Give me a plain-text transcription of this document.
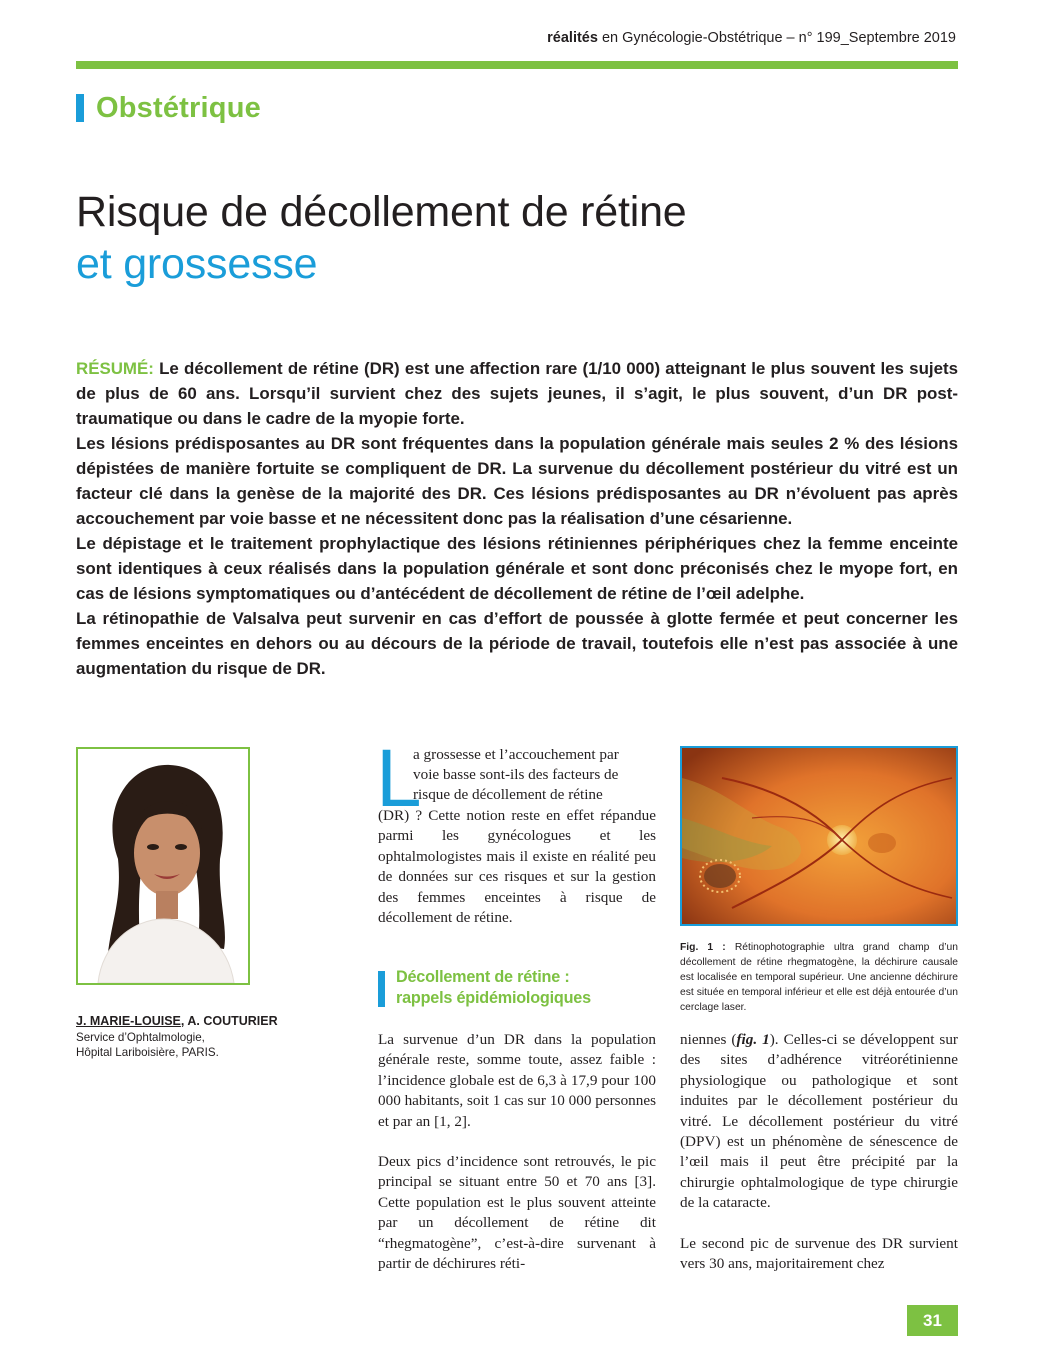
réalités en Gynécologie-Obstétrique – n° 199_Septembre 2019
Obstétrique
Risque de décollement de rétine
et grossesse

RÉSUMÉ: Le décollement de rétine (DR) est une affection rare (1/10 000) atteignant le plus souvent les sujets de plus de 60 ans. Lorsqu’il survient chez des sujets jeunes, il s’agit, le plus souvent, d’un DR post-traumatique ou dans le cadre de la myopie forte.

Les lésions prédisposantes au DR sont fréquentes dans la population générale mais seules 2 % des lésions dépistées de manière fortuite se compliquent de DR. La survenue du décollement postérieur du vitré est un facteur clé dans la genèse de la majorité des DR. Ces lésions prédisposantes au DR n’évoluent pas après accouchement par voie basse et ne nécessitent donc pas la réalisation d’une césarienne.

Le dépistage et le traitement prophylactique des lésions rétiniennes périphériques chez la femme enceinte sont identiques à ceux réalisés dans la population générale et sont donc préconisés chez le myope fort, en cas de lésions symptomatiques ou d’antécédent de décollement de rétine de l’œil adelphe.

La rétinopathie de Valsalva peut survenir en cas d’effort de poussée à glotte fermée et peut concerner les femmes enceintes en dehors ou au décours de la période de travail, toutefois elle n’est pas associée à une augmentation du risque de DR.

J. MARIE-LOUISE, A. COUTURIER
Service d’Ophtalmologie,
Hôpital Lariboisière, PARIS.
L
a grossesse et l’accouchement par
voie basse sont-ils des facteurs de
risque de décollement de rétine

(DR) ? Cette notion reste en effet répandue parmi les gynécologues et les ophtalmologistes mais il existe en réalité peu de données sur ces risques et sur la gestion des femmes enceintes à risque de décollement de rétine.

Décollement de rétine :
rappels épidémiologiques

La survenue d’un DR dans la population générale reste, somme toute, assez faible : l’incidence globale est de 6,3 à 17,9 pour 100 000 habitants, soit 1 cas sur 10 000 personnes et par an [1, 2].

Deux pics d’incidence sont retrouvés, le pic principal se situant entre 50 et 70 ans [3]. Cette population est le plus souvent atteinte par un décollement de rétine dit “rhegmatogène”, c’est-à-dire survenant à partir de déchirures réti-

Fig. 1 : Rétinophotographie ultra grand champ d’un décollement de rétine rhegmatogène, la déchirure causale est localisée en temporal supérieur. Une ancienne déchirure est située en temporal inférieur et elle est déjà entourée d’un cerclage laser.

niennes (fig. 1). Celles-ci se développent sur des sites d’adhérence vitréorétinienne physiologique ou pathologique et sont induites par le décollement postérieur du vitré. Le décollement postérieur du vitré (DPV) est un phénomène de sénescence de l’œil mais il peut être précipité par la chirurgie ophtalmologique de type chirurgie de la cataracte.

Le second pic de survenue des DR survient vers 30 ans, majoritairement chez

31
